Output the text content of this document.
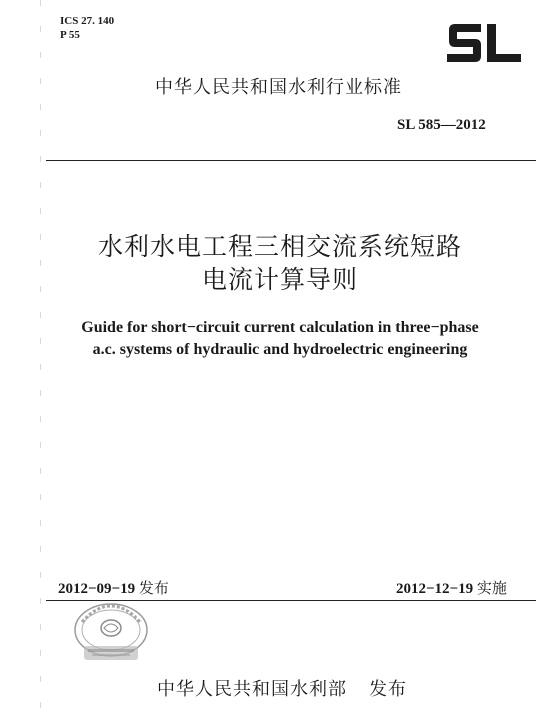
ICS 27. 140
P 55
中华人民共和国水利行业标准
SL 585—2012
水利水电工程三相交流系统短路
电流计算导则
Guide for short−circuit current calculation in three−phase
a.c. systems of hydraulic and hydroelectric engineering
2012−09−19 发布	2012−12−19 实施
中华人民共和国水利部 发布
